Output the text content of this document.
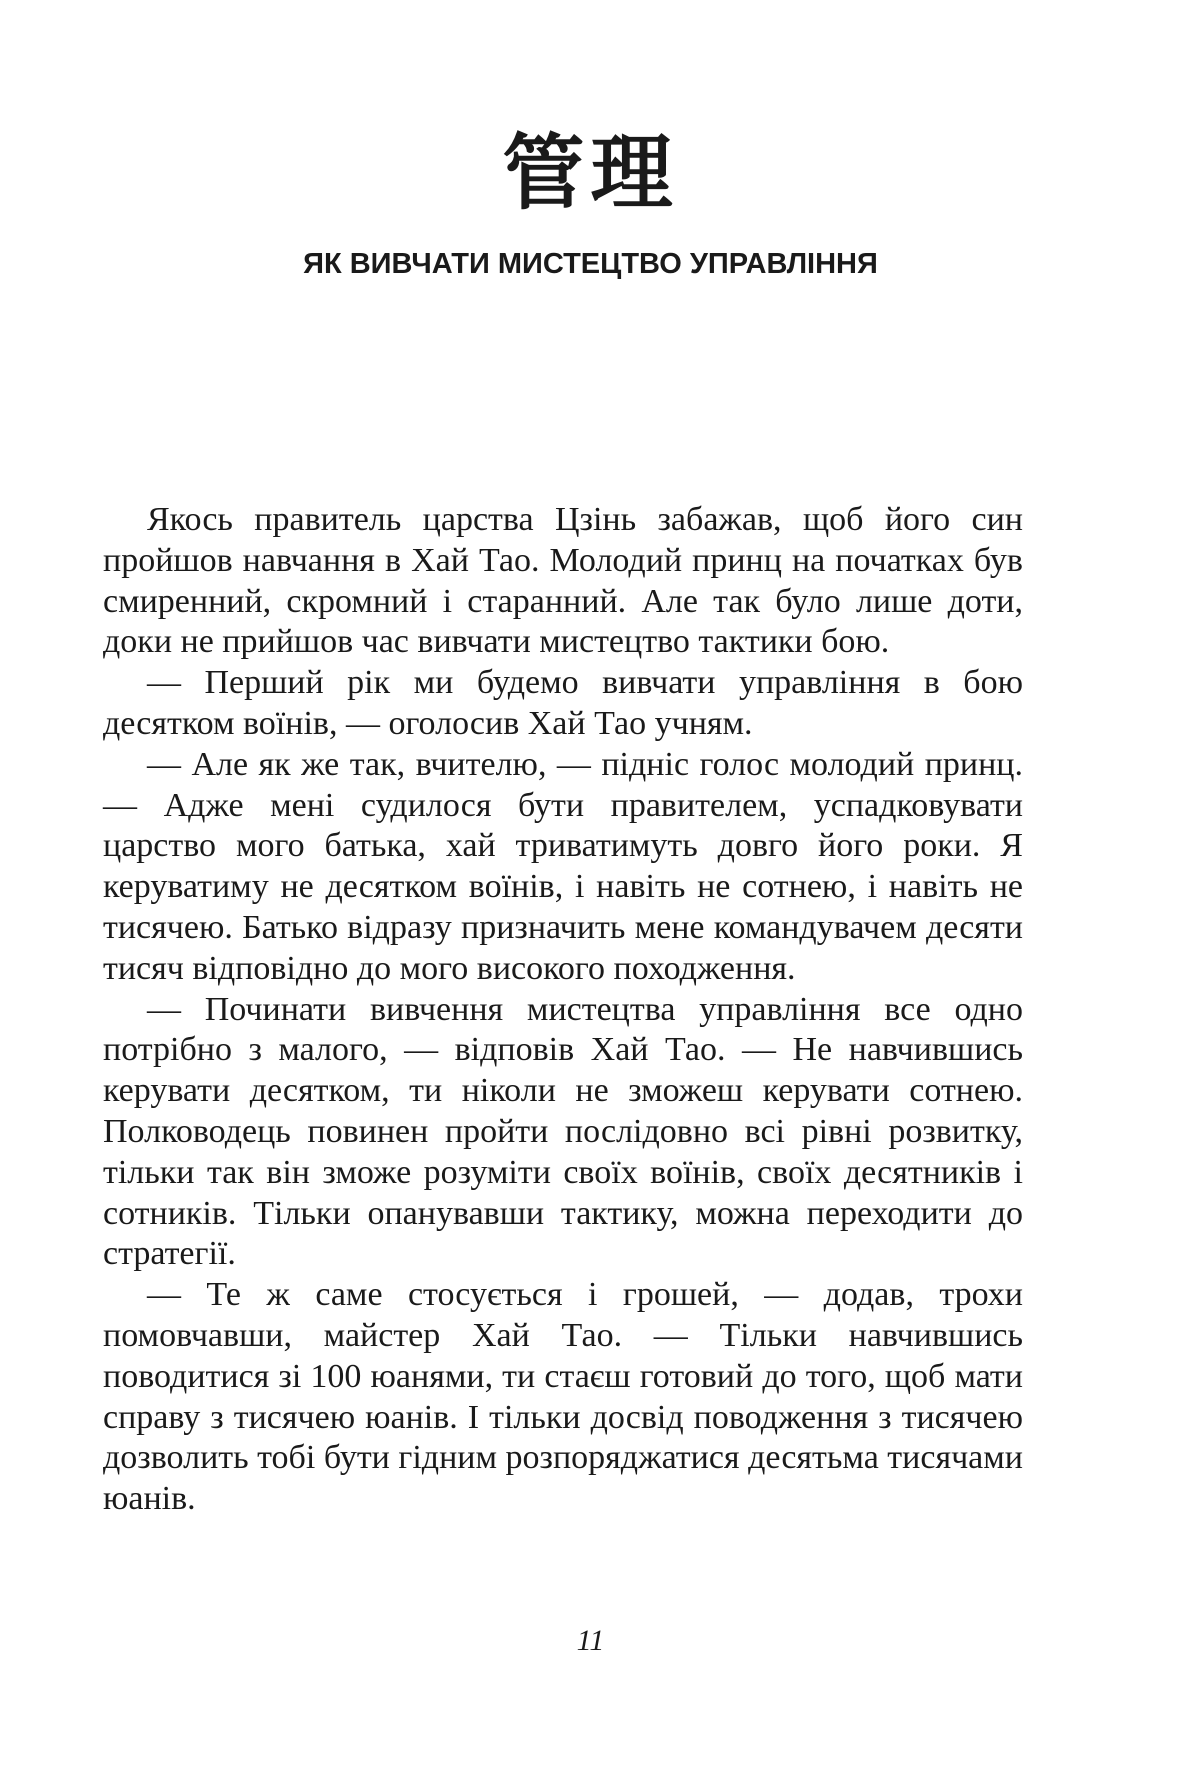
管理
ЯК ВИВЧАТИ МИСТЕЦТВО УПРАВЛІННЯ

Якось правитель царства Цзінь забажав, щоб його син пройшов навчання в Хай Тао. Молодий принц на початках був смиренний, скромний і старанний. Але так було лише доти, доки не прийшов час вивчати мистецтво тактики бою.

— Перший рік ми будемо вивчати управління в бою десятком воїнів, — оголосив Хай Тао учням.

— Але як же так, вчителю, — підніс голос молодий принц. — Адже мені судилося бути правителем, успадковувати царство мого батька, хай триватимуть довго його роки. Я керуватиму не десятком воїнів, і навіть не сотнею, і навіть не тисячею. Батько відразу призначить мене командувачем десяти тисяч відповідно до мого високого походження.

— Починати вивчення мистецтва управління все одно потрібно з малого, — відповів Хай Тао. — Не навчившись керувати десятком, ти ніколи не зможеш керувати сотнею. Полководець повинен пройти послідовно всі рівні розвитку, тільки так він зможе розуміти своїх воїнів, своїх десятників і сотників. Тільки опанувавши тактику, можна переходити до стратегії.

— Те ж саме стосується і грошей, — додав, трохи помовчавши, майстер Хай Тао. — Тільки навчившись поводитися зі 100 юанями, ти стаєш готовий до того, щоб мати справу з тисячею юанів. І тільки досвід поводження з тисячею дозволить тобі бути гідним розпоряджатися десятьма тисячами юанів.

11
